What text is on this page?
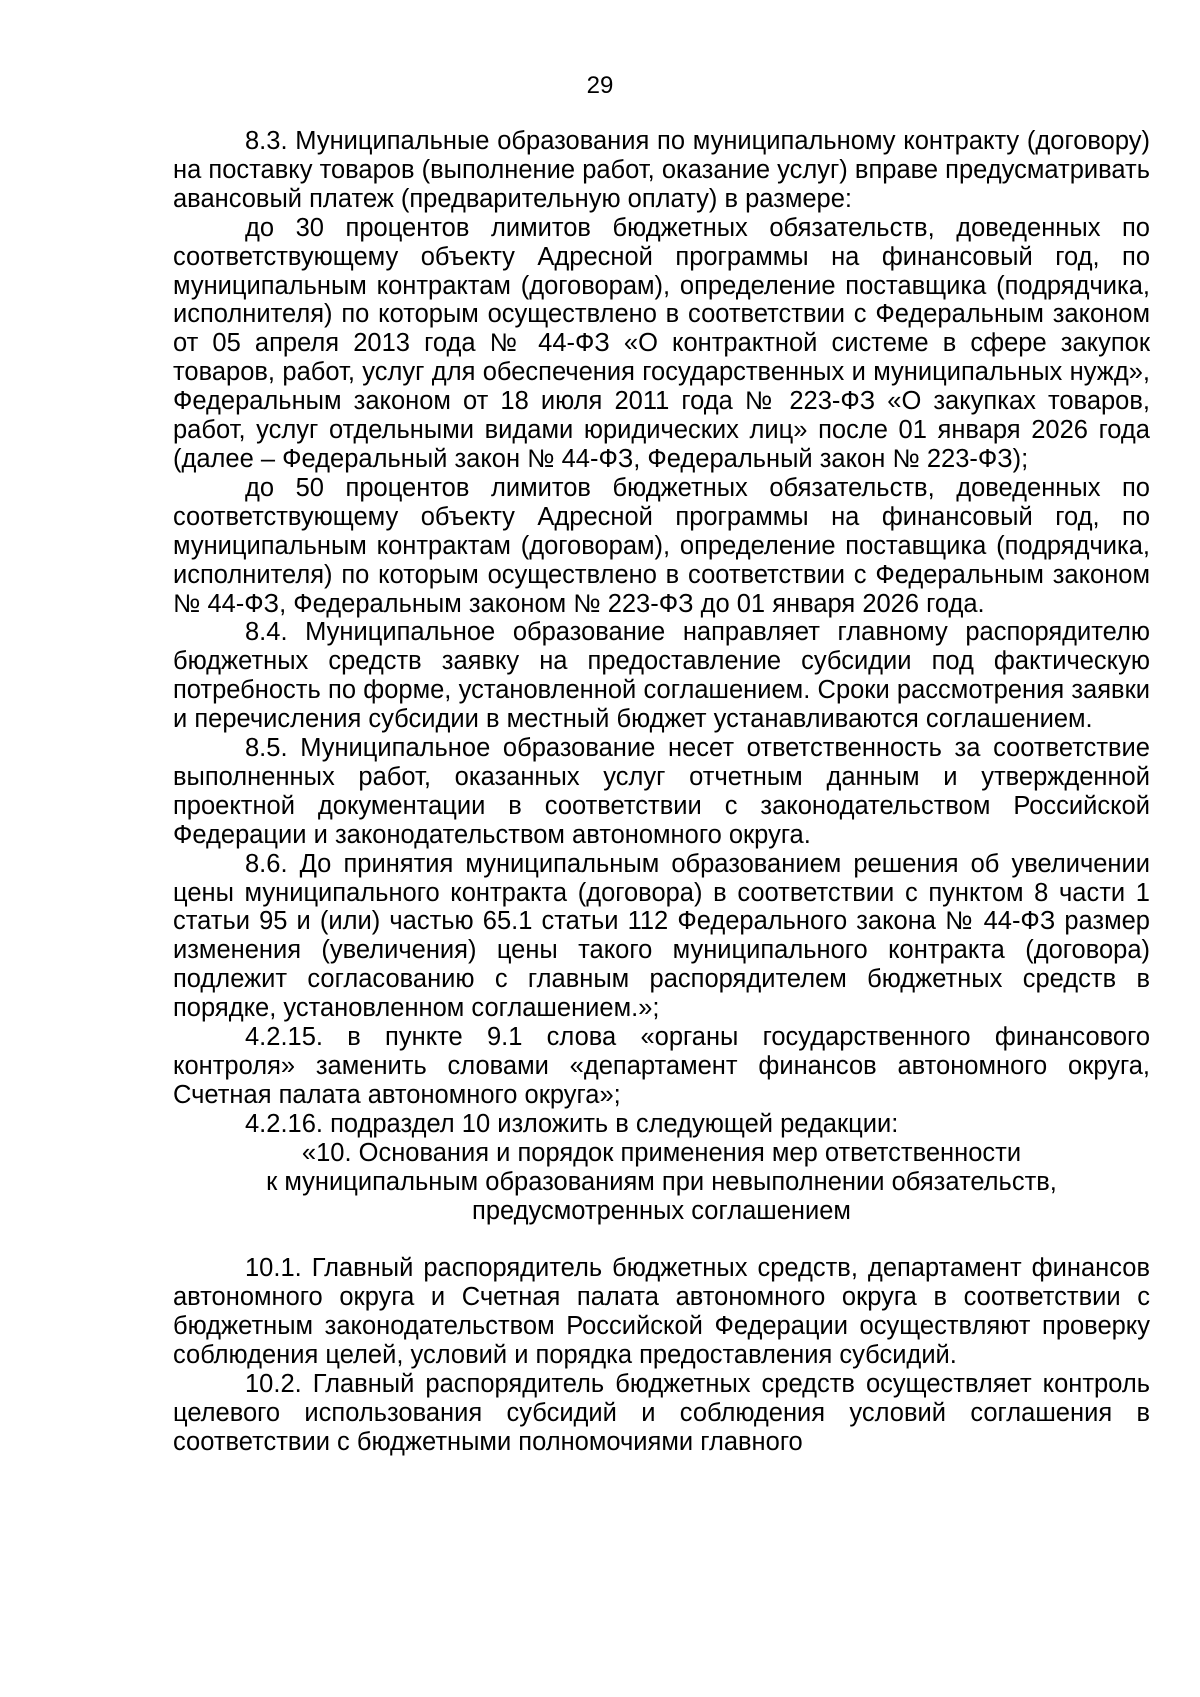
29

8.3. Муниципальные образования по муниципальному контракту (договору) на поставку товаров (выполнение работ, оказание услуг) вправе предусматривать авансовый платеж (предварительную оплату) в размере:

до 30 процентов лимитов бюджетных обязательств, доведенных по соответствующему объекту Адресной программы на финансовый год, по муниципальным контрактам (договорам), определение поставщика (подрядчика, исполнителя) по которым осуществлено в соответствии с Федеральным законом от 05 апреля 2013 года № 44-ФЗ «О контрактной системе в сфере закупок товаров, работ, услуг для обеспечения государственных и муниципальных нужд», Федеральным законом от 18 июля 2011 года № 223-ФЗ «О закупках товаров, работ, услуг отдельными видами юридических лиц» после 01 января 2026 года (далее – Федеральный закон № 44-ФЗ, Федеральный закон № 223-ФЗ);

до 50 процентов лимитов бюджетных обязательств, доведенных по соответствующему объекту Адресной программы на финансовый год, по муниципальным контрактам (договорам), определение поставщика (подрядчика, исполнителя) по которым осуществлено в соответствии с Федеральным законом № 44-ФЗ, Федеральным законом № 223-ФЗ до 01 января 2026 года.

8.4. Муниципальное образование направляет главному распорядителю бюджетных средств заявку на предоставление субсидии под фактическую потребность по форме, установленной соглашением. Сроки рассмотрения заявки и перечисления субсидии в местный бюджет устанавливаются соглашением.

8.5. Муниципальное образование несет ответственность за соответствие выполненных работ, оказанных услуг отчетным данным и утвержденной проектной документации в соответствии с законодательством Российской Федерации и законодательством автономного округа.

8.6. До принятия муниципальным образованием решения об увеличении цены муниципального контракта (договора) в соответствии с пунктом 8 части 1 статьи 95 и (или) частью 65.1 статьи 112 Федерального закона № 44-ФЗ размер изменения (увеличения) цены такого муниципального контракта (договора) подлежит согласованию с главным распорядителем бюджетных средств в порядке, установленном соглашением.»;

4.2.15. в пункте 9.1 слова «органы государственного финансового контроля» заменить словами «департамент финансов автономного округа, Счетная палата автономного округа»;

4.2.16. подраздел 10 изложить в следующей редакции:

«10. Основания и порядок применения мер ответственности

к муниципальным образованиям при невыполнении обязательств,

предусмотренных соглашением

10.1. Главный распорядитель бюджетных средств, департамент финансов автономного округа и Счетная палата автономного округа в соответствии с бюджетным законодательством Российской Федерации осуществляют проверку соблюдения целей, условий и порядка предоставления субсидий.

10.2. Главный распорядитель бюджетных средств осуществляет контроль целевого использования субсидий и соблюдения условий соглашения в соответствии с бюджетными полномочиями главного
